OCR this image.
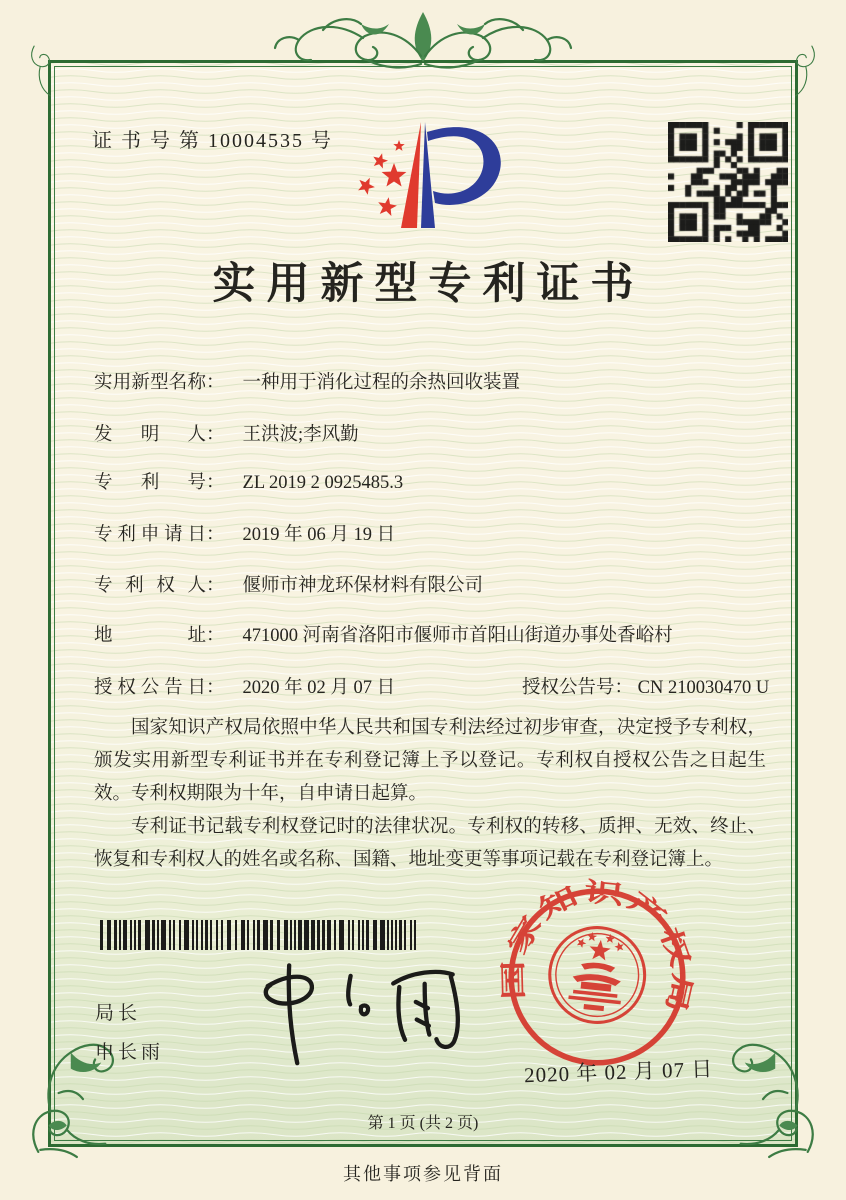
证 书 号 第 10004535 号
实用新型专利证书
实用新型名称： 一种用于消化过程的余热回收装置
发明人： 王洪波;李风勤
专利号： ZL 2019 2 0925485.3
专利申请日： 2019 年 06 月 19 日
专利权人： 偃师市神龙环保材料有限公司
地址： 471000 河南省洛阳市偃师市首阳山街道办事处香峪村
授权公告日： 2020 年 02 月 07 日	授权公告号： CN 210030470 U

国家知识产权局依照中华人民共和国专利法经过初步审查，决定授予专利权，颁发实用新型专利证书并在专利登记簿上予以登记。专利权自授权公告之日起生效。专利权期限为十年，自申请日起算。

专利证书记载专利权登记时的法律状况。专利权的转移、质押、无效、终止、恢复和专利权人的姓名或名称、国籍、地址变更等事项记载在专利登记簿上。

局长
申长雨
国家知识产权局
2020 年 02 月 07 日
第 1 页 (共 2 页)
其他事项参见背面
